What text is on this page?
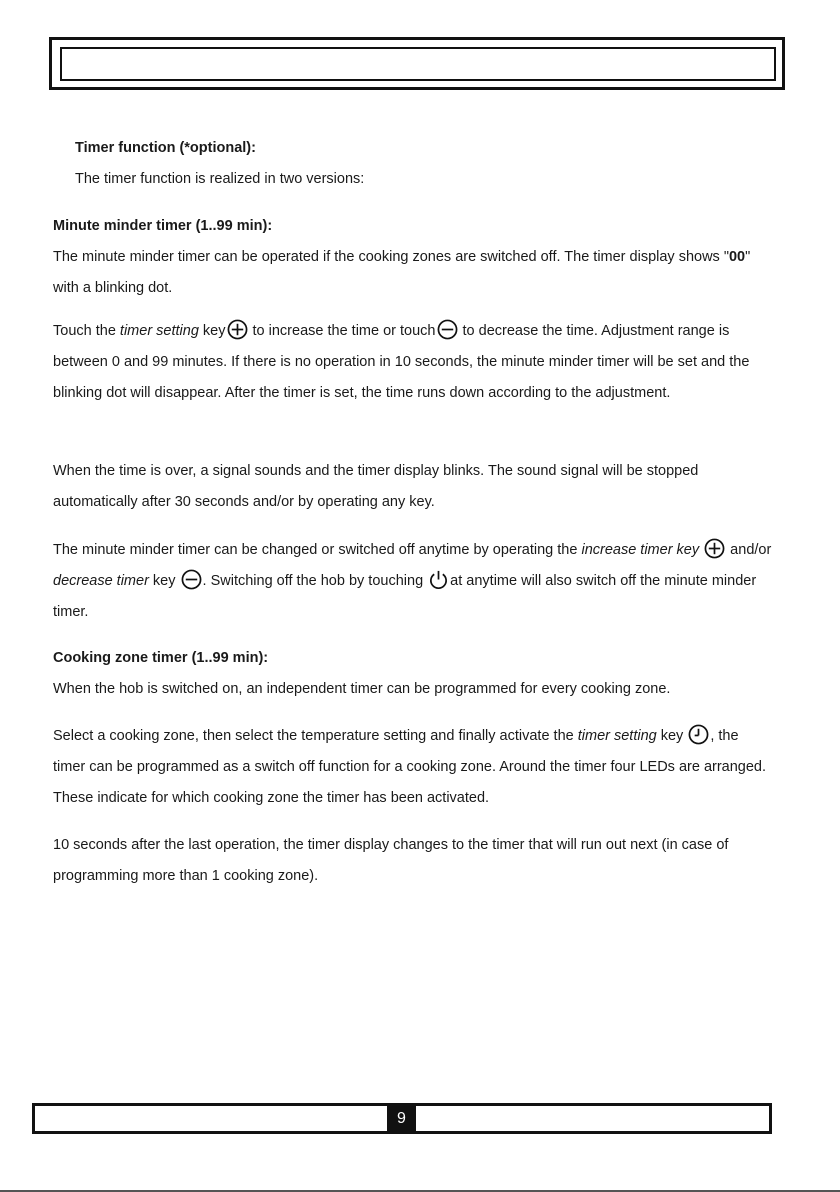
Timer function (*optional):
The timer function is realized in two versions:
Minute minder timer (1..99 min):
The minute minder timer can be operated if the cooking zones are switched off. The timer display shows "00" with a blinking dot.
Touch the timer setting key
to increase the time or touch
to decrease the time. Adjustment range is between 0 and 99 minutes. If there is no operation in 10 seconds, the minute minder timer will be set and the blinking dot will disappear. After the timer is set, the time runs down according to the adjustment.
When the time is over, a signal sounds and the timer display blinks. The sound signal will be stopped automatically after 30 seconds and/or by operating any key.
The minute minder timer can be changed or switched off anytime by operating the increase timer key
and/or decrease timer key
. Switching off the hob by touching
at anytime will also switch off the minute minder timer.
Cooking zone timer (1..99 min):
When the hob is switched on, an independent timer can be programmed for every cooking zone.
Select a cooking zone, then select the temperature setting and finally activate the timer setting key
, the timer can be programmed as a switch off function for a cooking zone. Around the timer four LEDs are arranged. These indicate for which cooking zone the timer has been activated.
10 seconds after the last operation, the timer display changes to the timer that will run out next (in case of programming more than 1 cooking zone).
9
